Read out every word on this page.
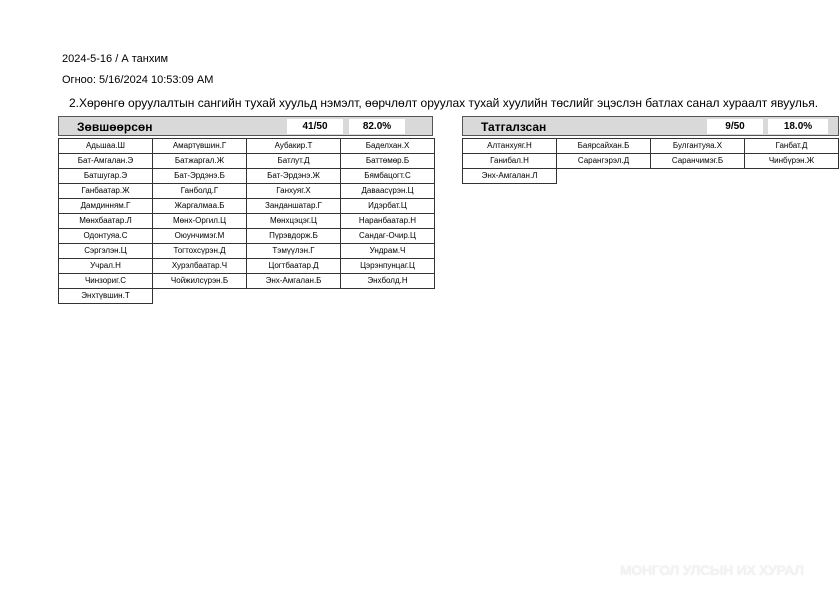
2024-5-16 / А танхим
Огноо: 5/16/2024 10:53:09 AM
2.Хөрөнгө оруулалтын сангийн тухай хуульд нэмэлт, өөрчлөлт оруулах тухай хуулийн төслийг эцэслэн батлах санал хураалт явуулья.
Зөвшөөрсөн	41/50	82.0%
Адьшаа.Ш	Амартүвшин.Г	Аубакир.Т	Баделхан.Х
Бат-Амгалан.Э	Батжаргал.Ж	Батлут.Д	Баттөмөр.Б
Батшугар.Э	Бат-Эрдэнэ.Б	Бат-Эрдэнэ.Ж	Бямбацогт.С
Ганбаатар.Ж	Ганболд.Г	Ганхуяг.Х	Даваасүрэн.Ц
Дамдинням.Г	Жаргалмаа.Б	Занданшатар.Г	Идэрбат.Ц
Мөнхбаатар.Л	Мөнх-Оргил.Ц	Мөнхцэцэг.Ц	Наранбаатар.Н
Одонтуяа.С	Оюунчимэг.М	Пүрэвдорж.Б	Сандаг-Очир.Ц
Сэргэлэн.Ц	Тогтохсүрэн.Д	Тэмүүлэн.Г	Ундрам.Ч
Учрал.Н	Хурэлбаатар.Ч	Цогтбаатар.Д	Цэрэнпунцаг.Ц
Чинзориг.С	Чойжилсүрэн.Б	Энх-Амгалан.Б	Энхболд.Н
Энхтүвшин.Т
Татгалзсан	9/50	18.0%
Алтанхуяг.Н	Баярсайхан.Б	Булгантуяа.Х	Ганбат.Д
Ганибал.Н	Сарангэрэл.Д	Саранчимэг.Б	Чинбүрэн.Ж
Энх-Амгалан.Л
МОНГОЛ УЛСЫН ИХ ХУРАЛ
